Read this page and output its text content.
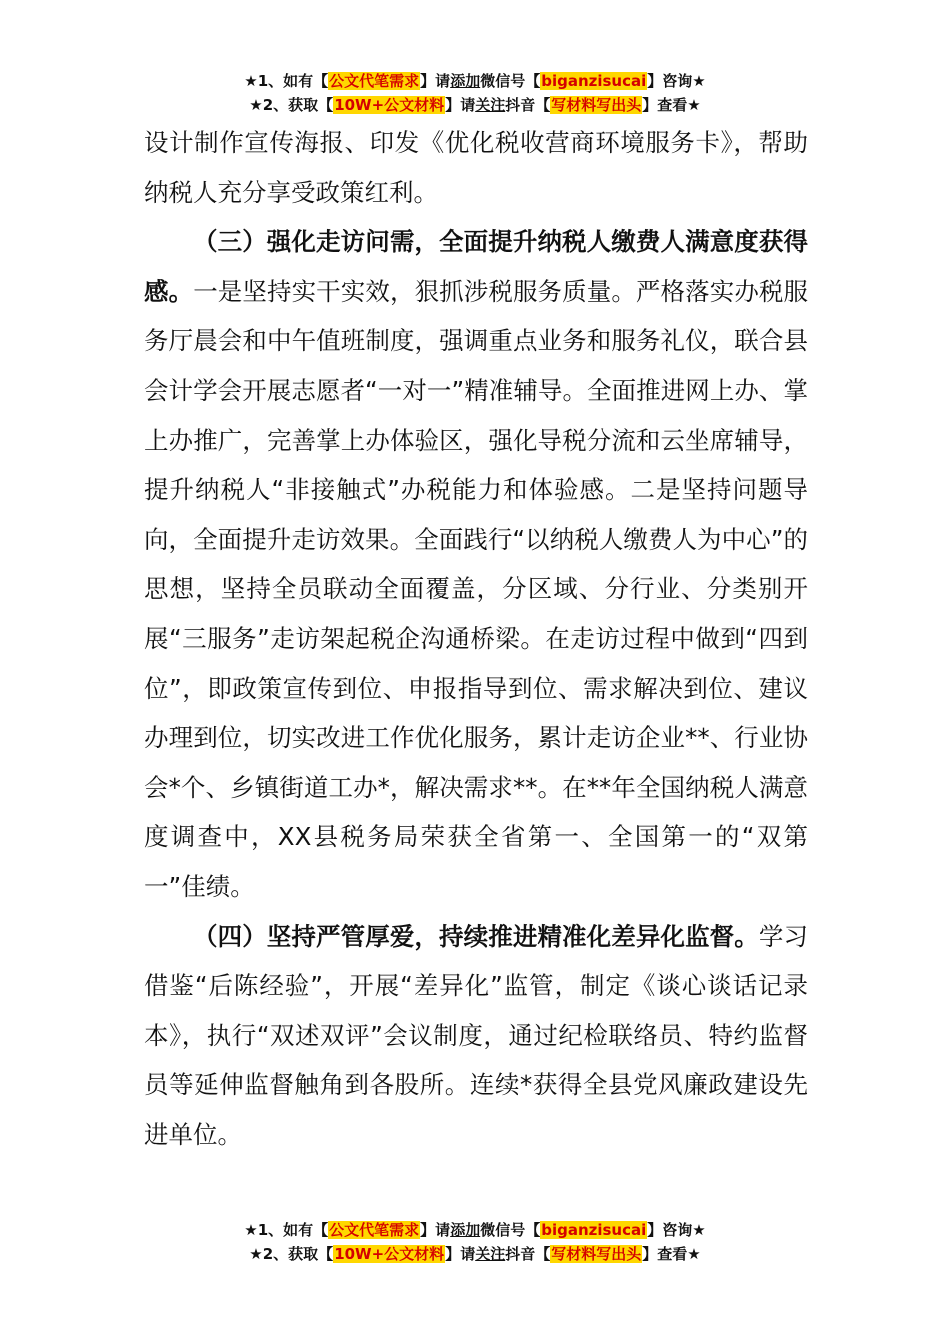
★1、如有【公文代笔需求】请添加微信号【biganzisucai】咨询★
★2、获取【10W+公文材料】请关注抖音【写材料写出头】查看★

设计制作宣传海报、印发《优化税收营商环境服务卡》，帮助纳税人充分享受政策红利。

（三）强化走访问需，全面提升纳税人缴费人满意度获得感。一是坚持实干实效，狠抓涉税服务质量。严格落实办税服务厅晨会和中午值班制度，强调重点业务和服务礼仪，联合县会计学会开展志愿者“一对一”精准辅导。全面推进网上办、掌上办推广，完善掌上办体验区，强化导税分流和云坐席辅导，提升纳税人“非接触式”办税能力和体验感。二是坚持问题导向，全面提升走访效果。全面践行“以纳税人缴费人为中心”的思想，坚持全员联动全面覆盖，分区域、分行业、分类别开展“三服务”走访架起税企沟通桥梁。在走访过程中做到“四到位”，即政策宣传到位、申报指导到位、需求解决到位、建议办理到位，切实改进工作优化服务，累计走访企业**、行业协会*个、乡镇街道工办*，解决需求**。在**年全国纳税人满意度调查中，XX县税务局荣获全省第一、全国第一的“双第一”佳绩。

（四）坚持严管厚爱，持续推进精准化差异化监督。学习借鉴“后陈经验”，开展“差异化”监管，制定《谈心谈话记录本》，执行“双述双评”会议制度，通过纪检联络员、特约监督员等延伸监督触角到各股所。连续*获得全县党风廉政建设先进单位。

★1、如有【公文代笔需求】请添加微信号【biganzisucai】咨询★
★2、获取【10W+公文材料】请关注抖音【写材料写出头】查看★
